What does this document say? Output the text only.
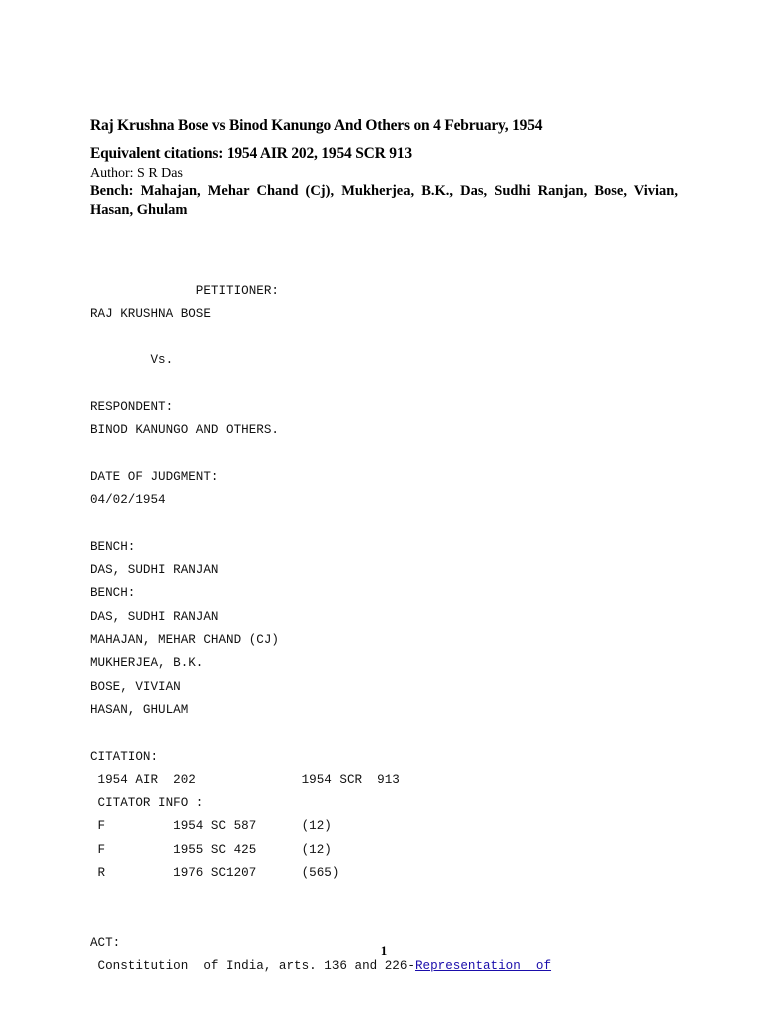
Raj Krushna Bose vs Binod Kanungo And Others on 4 February, 1954

Equivalent citations: 1954 AIR 202, 1954 SCR 913

Author: S R Das

Bench: Mahajan, Mehar Chand (Cj), Mukherjea, B.K., Das, Sudhi Ranjan, Bose, Vivian, Hasan, Ghulam

PETITIONER:
RAJ KRUSHNA BOSE
Vs.
RESPONDENT:
BINOD KANUNGO AND OTHERS.
DATE OF JUDGMENT:
04/02/1954
BENCH:
DAS, SUDHI RANJAN
BENCH:
DAS, SUDHI RANJAN
MAHAJAN, MEHAR CHAND (CJ)
MUKHERJEA, B.K.
BOSE, VIVIAN
HASAN, GHULAM
CITATION:
1954 AIR  202              1954 SCR  913
CITATOR INFO :
F         1954 SC 587      (12)
F         1955 SC 425      (12)
R         1976 SC1207      (565)
ACT:
Constitution  of India, arts. 136 and 226-Representation  of

1
